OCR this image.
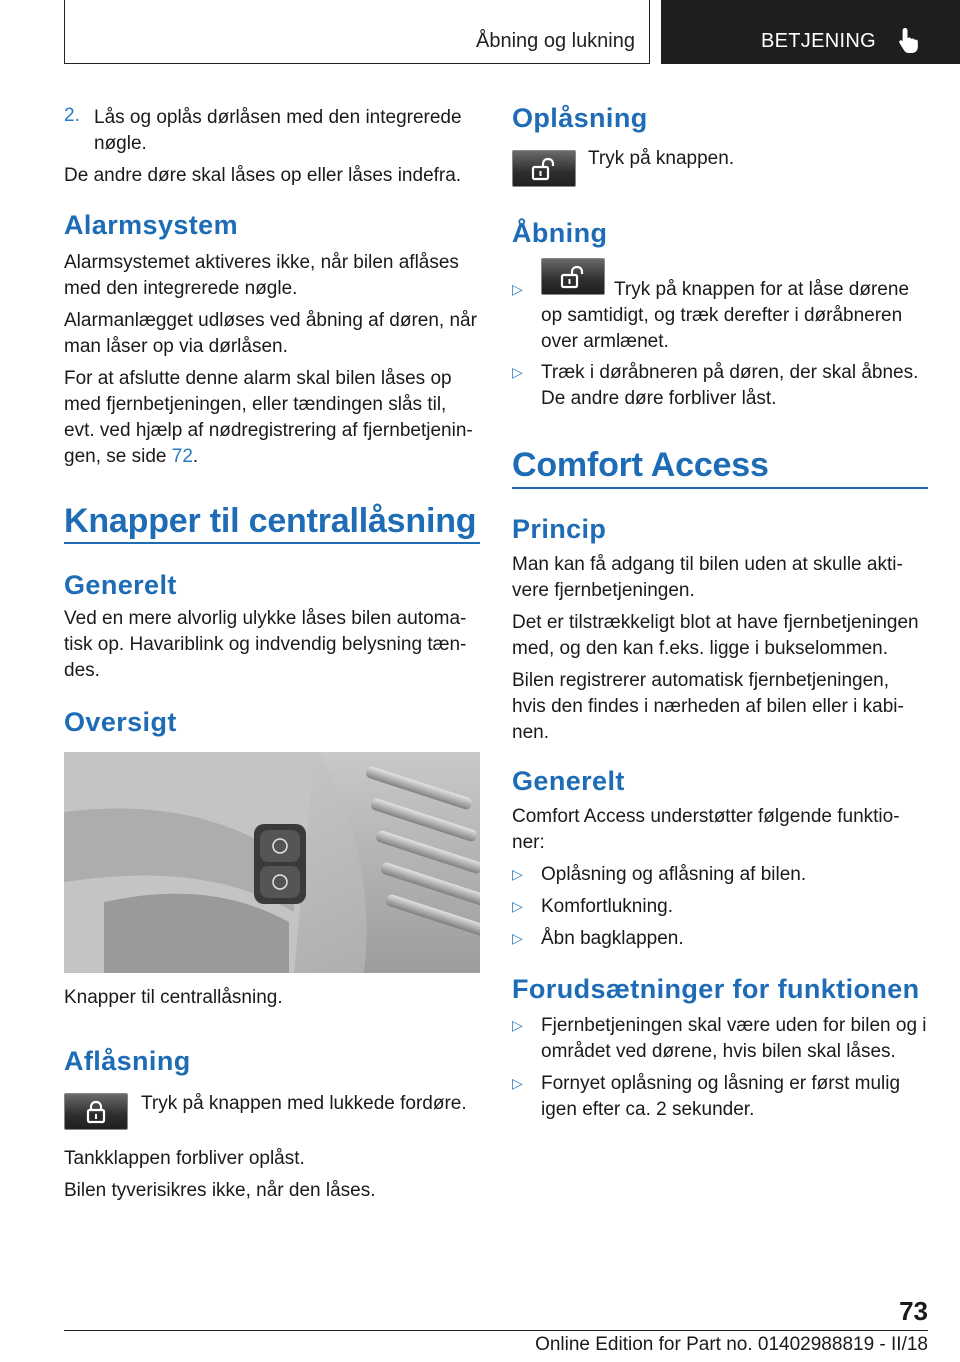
Åbning og lukning	BETJENING
2. Lås og oplås dørlåsen med den integrerede

nøgle.

De andre døre skal låses op eller låses indefra.

Alarmsystem

Alarmsystemet aktiveres ikke, når bilen aflåses

med den integrerede nøgle.

Alarmanlægget udløses ved åbning af døren, når

man låser op via dørlåsen.

For at afslutte denne alarm skal bilen låses op

med fjernbetjeningen, eller tændingen slås til,

evt. ved hjælp af nødregistrering af fjernbetjenin‐

gen, se side 72.

Knapper til centrallåsning
Generelt

Ved en mere alvorlig ulykke låses bilen automa‐

tisk op. Havariblink og indvendig belysning tæn‐

des.

Oversigt

Knapper til centrallåsning.

Aflåsning

Tryk på knappen med lukkede fordøre.

Tankklappen forbliver oplåst.

Bilen tyverisikres ikke, når den låses.

Oplåsning

Tryk på knappen.

Åbning
▷	Tryk på knappen for at låse dørene

op samtidigt, og træk derefter i døråbneren

over armlænet.

▷ Træk i døråbneren på døren, der skal åbnes.

De andre døre forbliver låst.

Comfort Access
Princip

Man kan få adgang til bilen uden at skulle akti‐

vere fjernbetjeningen.

Det er tilstrækkeligt blot at have fjernbetjeningen

med, og den kan f.eks. ligge i bukselommen.

Bilen registrerer automatisk fjernbetjeningen,

hvis den findes i nærheden af bilen eller i kabi‐

nen.

Generelt

Comfort Access understøtter følgende funktio‐

ner:

▷ Oplåsning og aflåsning af bilen.

▷ Komfortlukning.

▷ Åbn bagklappen.

Forudsætninger for funktionen
▷ Fjernbetjeningen skal være uden for bilen og i

området ved dørene, hvis bilen skal låses.

▷ Fornyet oplåsning og låsning er først mulig

igen efter ca. 2 sekunder.

73
Online Edition for Part no. 01402988819 - II/18
